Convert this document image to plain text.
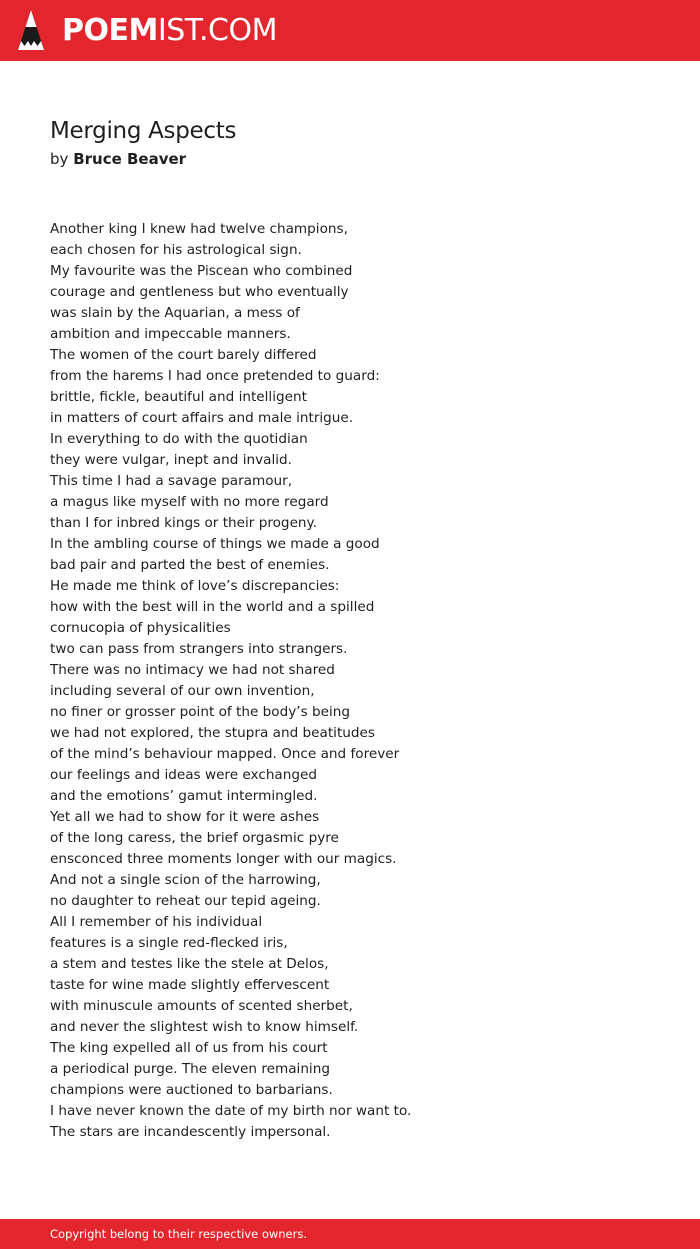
POEMIST.COM
Merging Aspects
by Bruce Beaver
Another king I knew had twelve champions,
each chosen for his astrological sign.
My favourite was the Piscean who combined
courage and gentleness but who eventually
was slain by the Aquarian, a mess of
ambition and impeccable manners.
The women of the court barely differed
from the harems I had once pretended to guard:
brittle, fickle, beautiful and intelligent
in matters of court affairs and male intrigue.
In everything to do with the quotidian
they were vulgar, inept and invalid.
This time I had a savage paramour,
a magus like myself with no more regard
than I for inbred kings or their progeny.
In the ambling course of things we made a good
bad pair and parted the best of enemies.
He made me think of love’s discrepancies:
how with the best will in the world and a spilled
cornucopia of physicalities
two can pass from strangers into strangers.
There was no intimacy we had not shared
including several of our own invention,
no finer or grosser point of the body’s being
we had not explored, the stupra and beatitudes
of the mind’s behaviour mapped. Once and forever
our feelings and ideas were exchanged
and the emotions’ gamut intermingled.
Yet all we had to show for it were ashes
of the long caress, the brief orgasmic pyre
ensconced three moments longer with our magics.
And not a single scion of the harrowing,
no daughter to reheat our tepid ageing.
All I remember of his individual
features is a single red-flecked iris,
a stem and testes like the stele at Delos,
taste for wine made slightly effervescent
with minuscule amounts of scented sherbet,
and never the slightest wish to know himself.
The king expelled all of us from his court
a periodical purge. The eleven remaining
champions were auctioned to barbarians.
I have never known the date of my birth nor want to.
The stars are incandescently impersonal.
Copyright belong to their respective owners.
